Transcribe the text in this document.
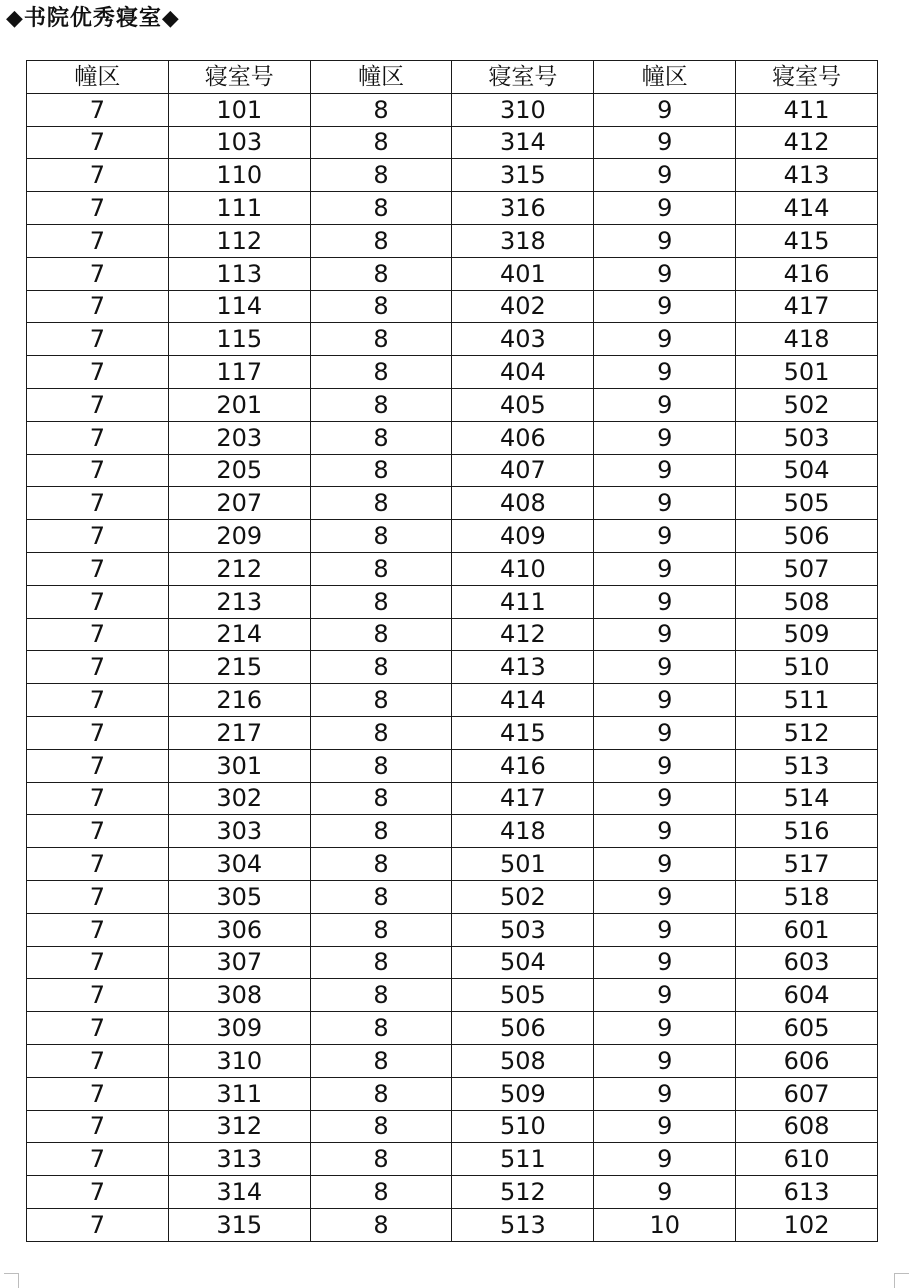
◆书院优秀寝室◆
幢区	寝室号	幢区	寝室号	幢区	寝室号
7	101	8	310	9	411
7	103	8	314	9	412
7	110	8	315	9	413
7	111	8	316	9	414
7	112	8	318	9	415
7	113	8	401	9	416
7	114	8	402	9	417
7	115	8	403	9	418
7	117	8	404	9	501
7	201	8	405	9	502
7	203	8	406	9	503
7	205	8	407	9	504
7	207	8	408	9	505
7	209	8	409	9	506
7	212	8	410	9	507
7	213	8	411	9	508
7	214	8	412	9	509
7	215	8	413	9	510
7	216	8	414	9	511
7	217	8	415	9	512
7	301	8	416	9	513
7	302	8	417	9	514
7	303	8	418	9	516
7	304	8	501	9	517
7	305	8	502	9	518
7	306	8	503	9	601
7	307	8	504	9	603
7	308	8	505	9	604
7	309	8	506	9	605
7	310	8	508	9	606
7	311	8	509	9	607
7	312	8	510	9	608
7	313	8	511	9	610
7	314	8	512	9	613
7	315	8	513	10	102
